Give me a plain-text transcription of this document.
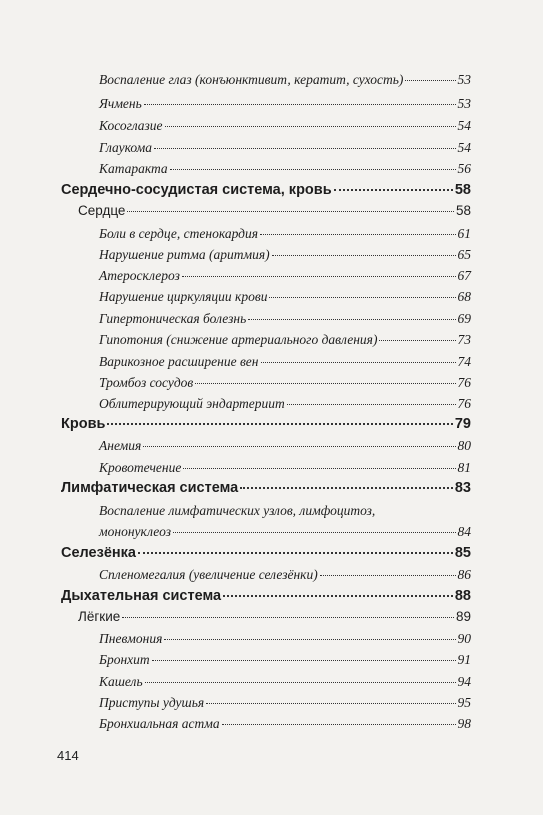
Воспаление глаз (конъюнктивит, кератит, сухость)	53
Ячмень	53
Косоглазие	54
Глаукома	54
Катаракта	56
Сердечно-сосудистая система, кровь	58
Сердце	58
Боли в сердце, стенокардия	61
Нарушение ритма (аритмия)	65
Атеросклероз	67
Нарушение циркуляции крови	68
Гипертоническая болезнь	69
Гипотония (снижение артериального давления)	73
Варикозное расширение вен	74
Тромбоз сосудов	76
Облитерирующий эндартериит	76
Кровь	79
Анемия	80
Кровотечение	81
Лимфатическая система	83
Воспаление лимфатических узлов, лимфоцитоз,
мононуклеоз	84
Селезёнка	85
Спленомегалия (увеличение селезёнки)	86
Дыхательная система	88
Лёгкие	89
Пневмония	90
Бронхит	91
Кашель	94
Приступы удушья	95
Бронхиальная астма	98
414
